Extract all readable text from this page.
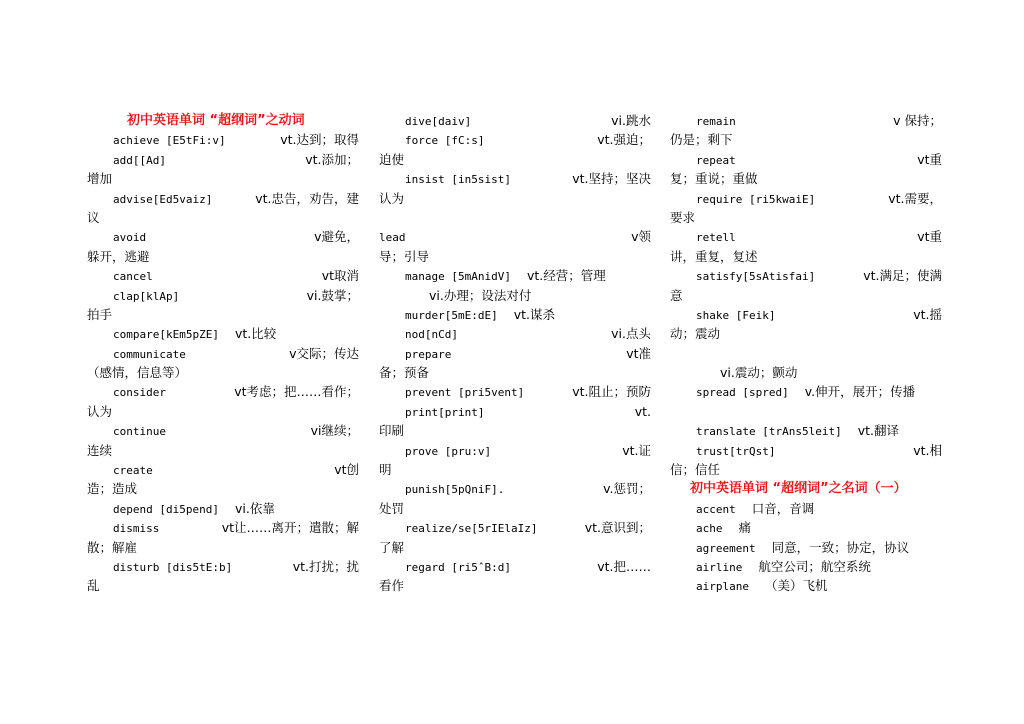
初中英语单词 “超纲词”之动词
achieve [E5tFi:v]	vt.达到；取得
add[[Ad]	vt.添加；
增加
advise[Ed5vaiz]	vt.忠告，劝告，建
议
avoid	v避免，
躲开，逃避
cancel	vt取消
clap[klAp]	vi.鼓掌；
拍手
compare[kEm5pZE] vt.比较
communicate	v交际；传达
（感情，信息等）
consider	vt考虑；把……看作；
认为
continue	vi继续；
连续
create	vt创
造；造成
depend [di5pend] vi.依靠
dismiss	vt让……离开；遣散；解
散；解雇
disturb [dis5tE:b]	vt.打扰；扰
乱
dive[daiv]	vi.跳水
force [fC:s]	vt.强迫；
迫使
insist [in5sist]	vt.坚持；坚决
认为
lead	v领
导；引导
manage [5mAnidV] vt.经营；管理
vi.办理；设法对付
murder[5mE:dE] vt.谋杀
nod[nCd]	vi.点头
prepare	vt准
备；预备
prevent [pri5vent]	vt.阻止；预防
print[print]	vt.
印刷
prove [pru:v]	vt.证
明
punish[5pQniF].	v.惩罚；
处罚
realize/se[5rIElaIz]	vt.意识到；
了解
regard [ri5ˆB:d]	vt.把……
看作
remain	v 保持；
仍是；剩下
repeat	vt重
复；重说；重做
require [ri5kwaiE]	vt.需要，
要求
retell	vt重
讲，重复，复述
satisfy[5sAtisfai]	vt.满足；使满
意
shake [Feik]	vt.摇
动；震动
vi.震动；颤动
spread [spred] v.伸开，展开；传播
translate [trAns5leit] vt.翻译
trust[trQst]	vt.相
信；信任
初中英语单词 “超纲词”之名词（一）
accent 口音，音调
ache 痛
agreement 同意，一致；协定，协议
airline 航空公司；航空系统
airplane （美）飞机
